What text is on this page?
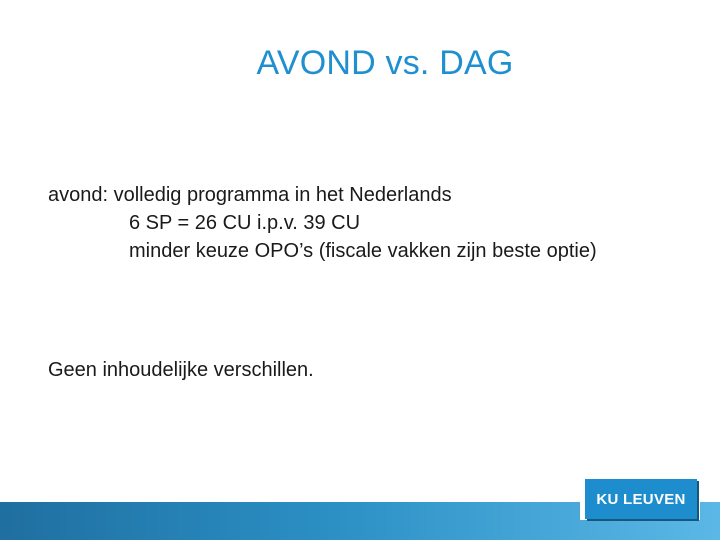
AVOND vs. DAG
avond: volledig programma in het Nederlands
6 SP = 26 CU i.p.v. 39 CU
minder keuze OPO’s (fiscale vakken zijn beste optie)
Geen inhoudelijke verschillen.
KU LEUVEN
